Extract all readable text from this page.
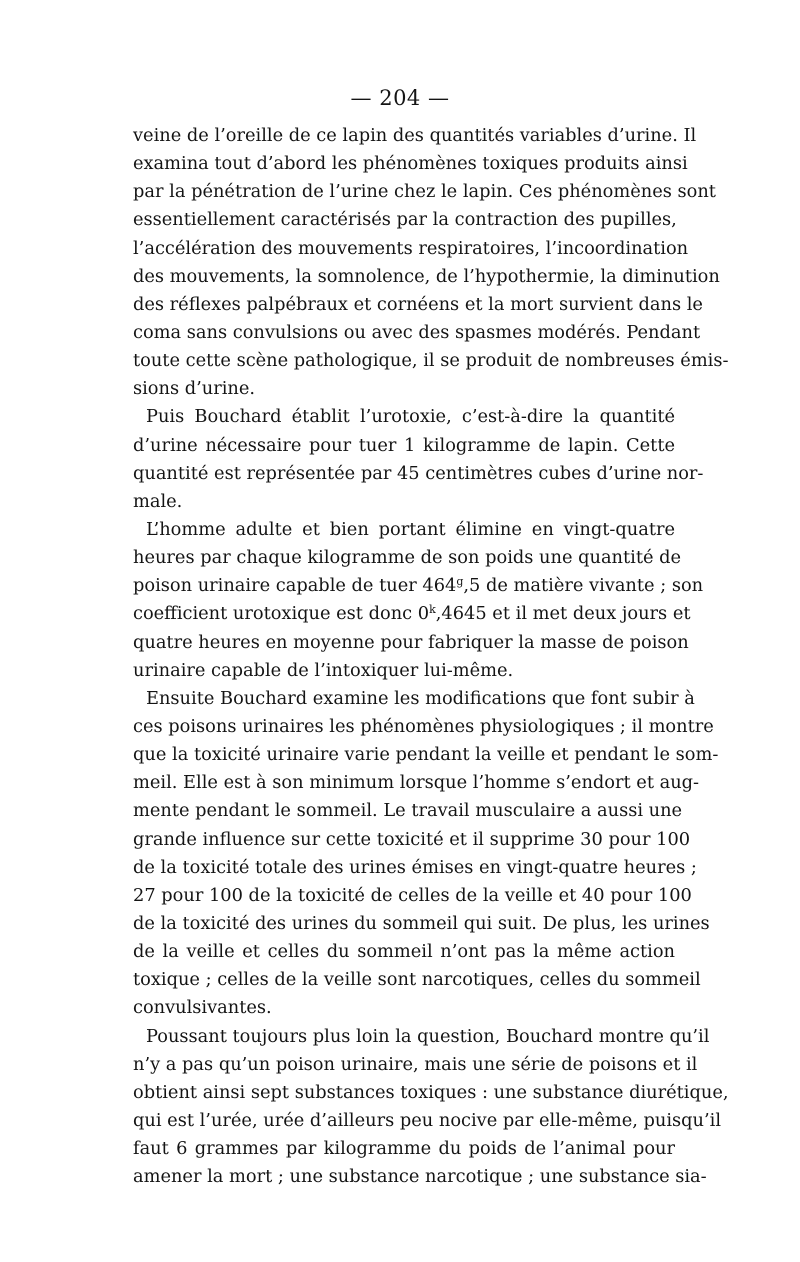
— 204 —
veine de l’oreille de ce lapin des quantités variables d’urine. Il
examina tout d’abord les phénomènes toxiques produits ainsi
par la pénétration de l’urine chez le lapin. Ces phénomènes sont
essentiellement caractérisés par la contraction des pupilles,
l’accélération des mouvements respiratoires, l’incoordination
des mouvements, la somnolence, de l’hypothermie, la diminution
des réflexes palpébraux et cornéens et la mort survient dans le
coma sans convulsions ou avec des spasmes modérés. Pendant
toute cette scène pathologique, il se produit de nombreuses émis-
sions d’urine.
Puis Bouchard établit l’urotoxie, c’est-à-dire la quantité
d’urine nécessaire pour tuer 1 kilogramme de lapin. Cette
quantité est représentée par 45 centimètres cubes d’urine nor-
male.
L’homme adulte et bien portant élimine en vingt-quatre
heures par chaque kilogramme de son poids une quantité de
poison urinaire capable de tuer 464$^g$,5 de matière vivante ; son
coefficient urotoxique est donc 0$^k$,4645 et il met deux jours et
quatre heures en moyenne pour fabriquer la masse de poison
urinaire capable de l’intoxiquer lui-même.
Ensuite Bouchard examine les modifications que font subir à
ces poisons urinaires les phénomènes physiologiques ; il montre
que la toxicité urinaire varie pendant la veille et pendant le som-
meil. Elle est à son minimum lorsque l’homme s’endort et aug-
mente pendant le sommeil. Le travail musculaire a aussi une
grande influence sur cette toxicité et il supprime 30 pour 100
de la toxicité totale des urines émises en vingt-quatre heures ;
27 pour 100 de la toxicité de celles de la veille et 40 pour 100
de la toxicité des urines du sommeil qui suit. De plus, les urines
de la veille et celles du sommeil n’ont pas la même action
toxique ; celles de la veille sont narcotiques, celles du sommeil
convulsivantes.
Poussant toujours plus loin la question, Bouchard montre qu’il
n’y a pas qu’un poison urinaire, mais une série de poisons et il
obtient ainsi sept substances toxiques : une substance diurétique,
qui est l’urée, urée d’ailleurs peu nocive par elle-même, puisqu’il
faut 6 grammes par kilogramme du poids de l’animal pour
amener la mort ; une substance narcotique ; une substance sia-
